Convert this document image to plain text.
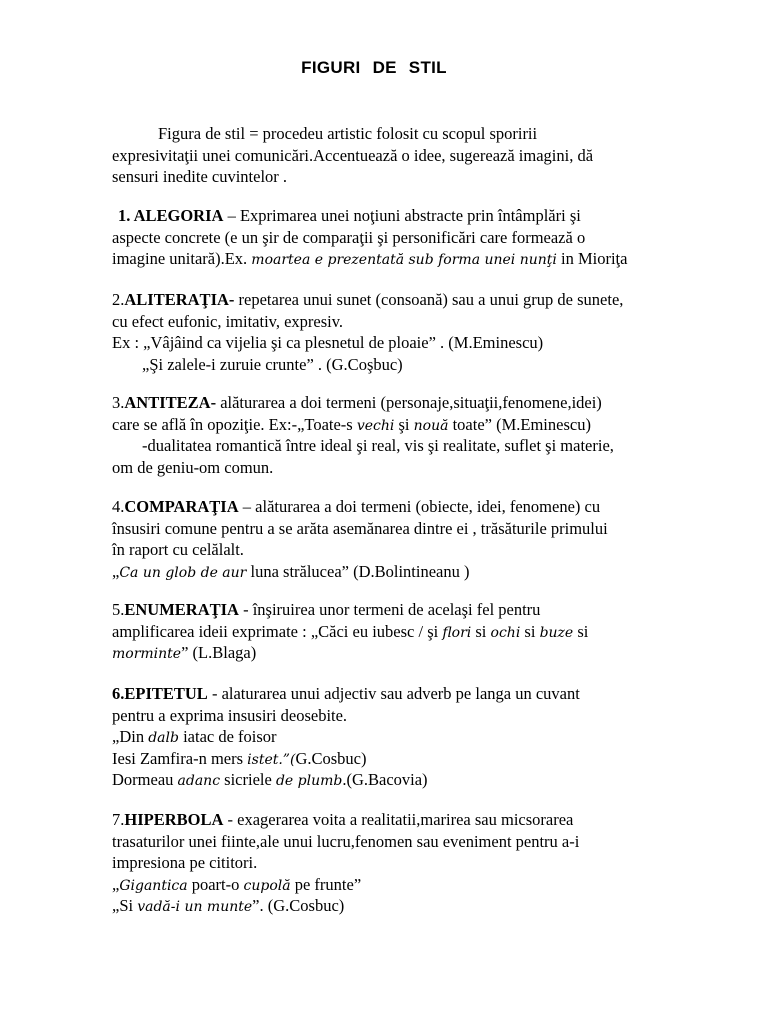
FIGURI DE STIL
Figura de stil = procedeu artistic folosit cu scopul sporirii
expresivitaţii unei comunicări.Accentuează o idee, sugerează imagini, dă
sensuri inedite cuvintelor .
1. ALEGORIA – Exprimarea unei noţiuni abstracte prin întâmplări şi
aspecte concrete (e un şir de comparaţii şi personificări care formează o
imagine unitară).Ex. moartea e prezentată sub forma unei nunţi in Mioriţa
2.ALITERAŢIA- repetarea unui sunet (consoană) sau a unui grup de sunete,
cu efect eufonic, imitativ, expresiv.
Ex : „Vâjâind ca vijelia şi ca plesnetul de ploaie” . (M.Eminescu)
„Şi zalele-i zuruie crunte” . (G.Coşbuc)
3.ANTITEZA- alăturarea a doi termeni (personaje,situaţii,fenomene,idei)
care se află în opoziţie. Ex:-„Toate-s vechi şi nouă toate” (M.Eminescu)
-dualitatea romantică între ideal şi real, vis şi realitate, suflet şi materie,
om de geniu-om comun.
4.COMPARAŢIA – alăturarea a doi termeni (obiecte, idei, fenomene) cu
însusiri comune pentru a se arăta asemănarea dintre ei , trăsăturile primului
în raport cu celălalt.
„Ca un glob de aur luna strălucea” (D.Bolintineanu )
5.ENUMERAŢIA - înşiruirea unor termeni de acelaşi fel pentru
amplificarea ideii exprimate : „Căci eu iubesc / şi flori si ochi si buze si
morminte” (L.Blaga)
6.EPITETUL - alaturarea unui adjectiv sau adverb pe langa un cuvant
pentru a exprima insusiri deosebite.
„Din dalb iatac de foisor
Iesi Zamfira-n mers istet.”(G.Cosbuc)
Dormeau adanc sicriele de plumb.(G.Bacovia)
7.HIPERBOLA - exagerarea voita a realitatii,marirea sau micsorarea
trasaturilor unei fiinte,ale unui lucru,fenomen sau eveniment pentru a-i
impresiona pe cititori.
„Gigantica poart-o cupolă pe frunte”
„Si vadă-i un munte”. (G.Cosbuc)
